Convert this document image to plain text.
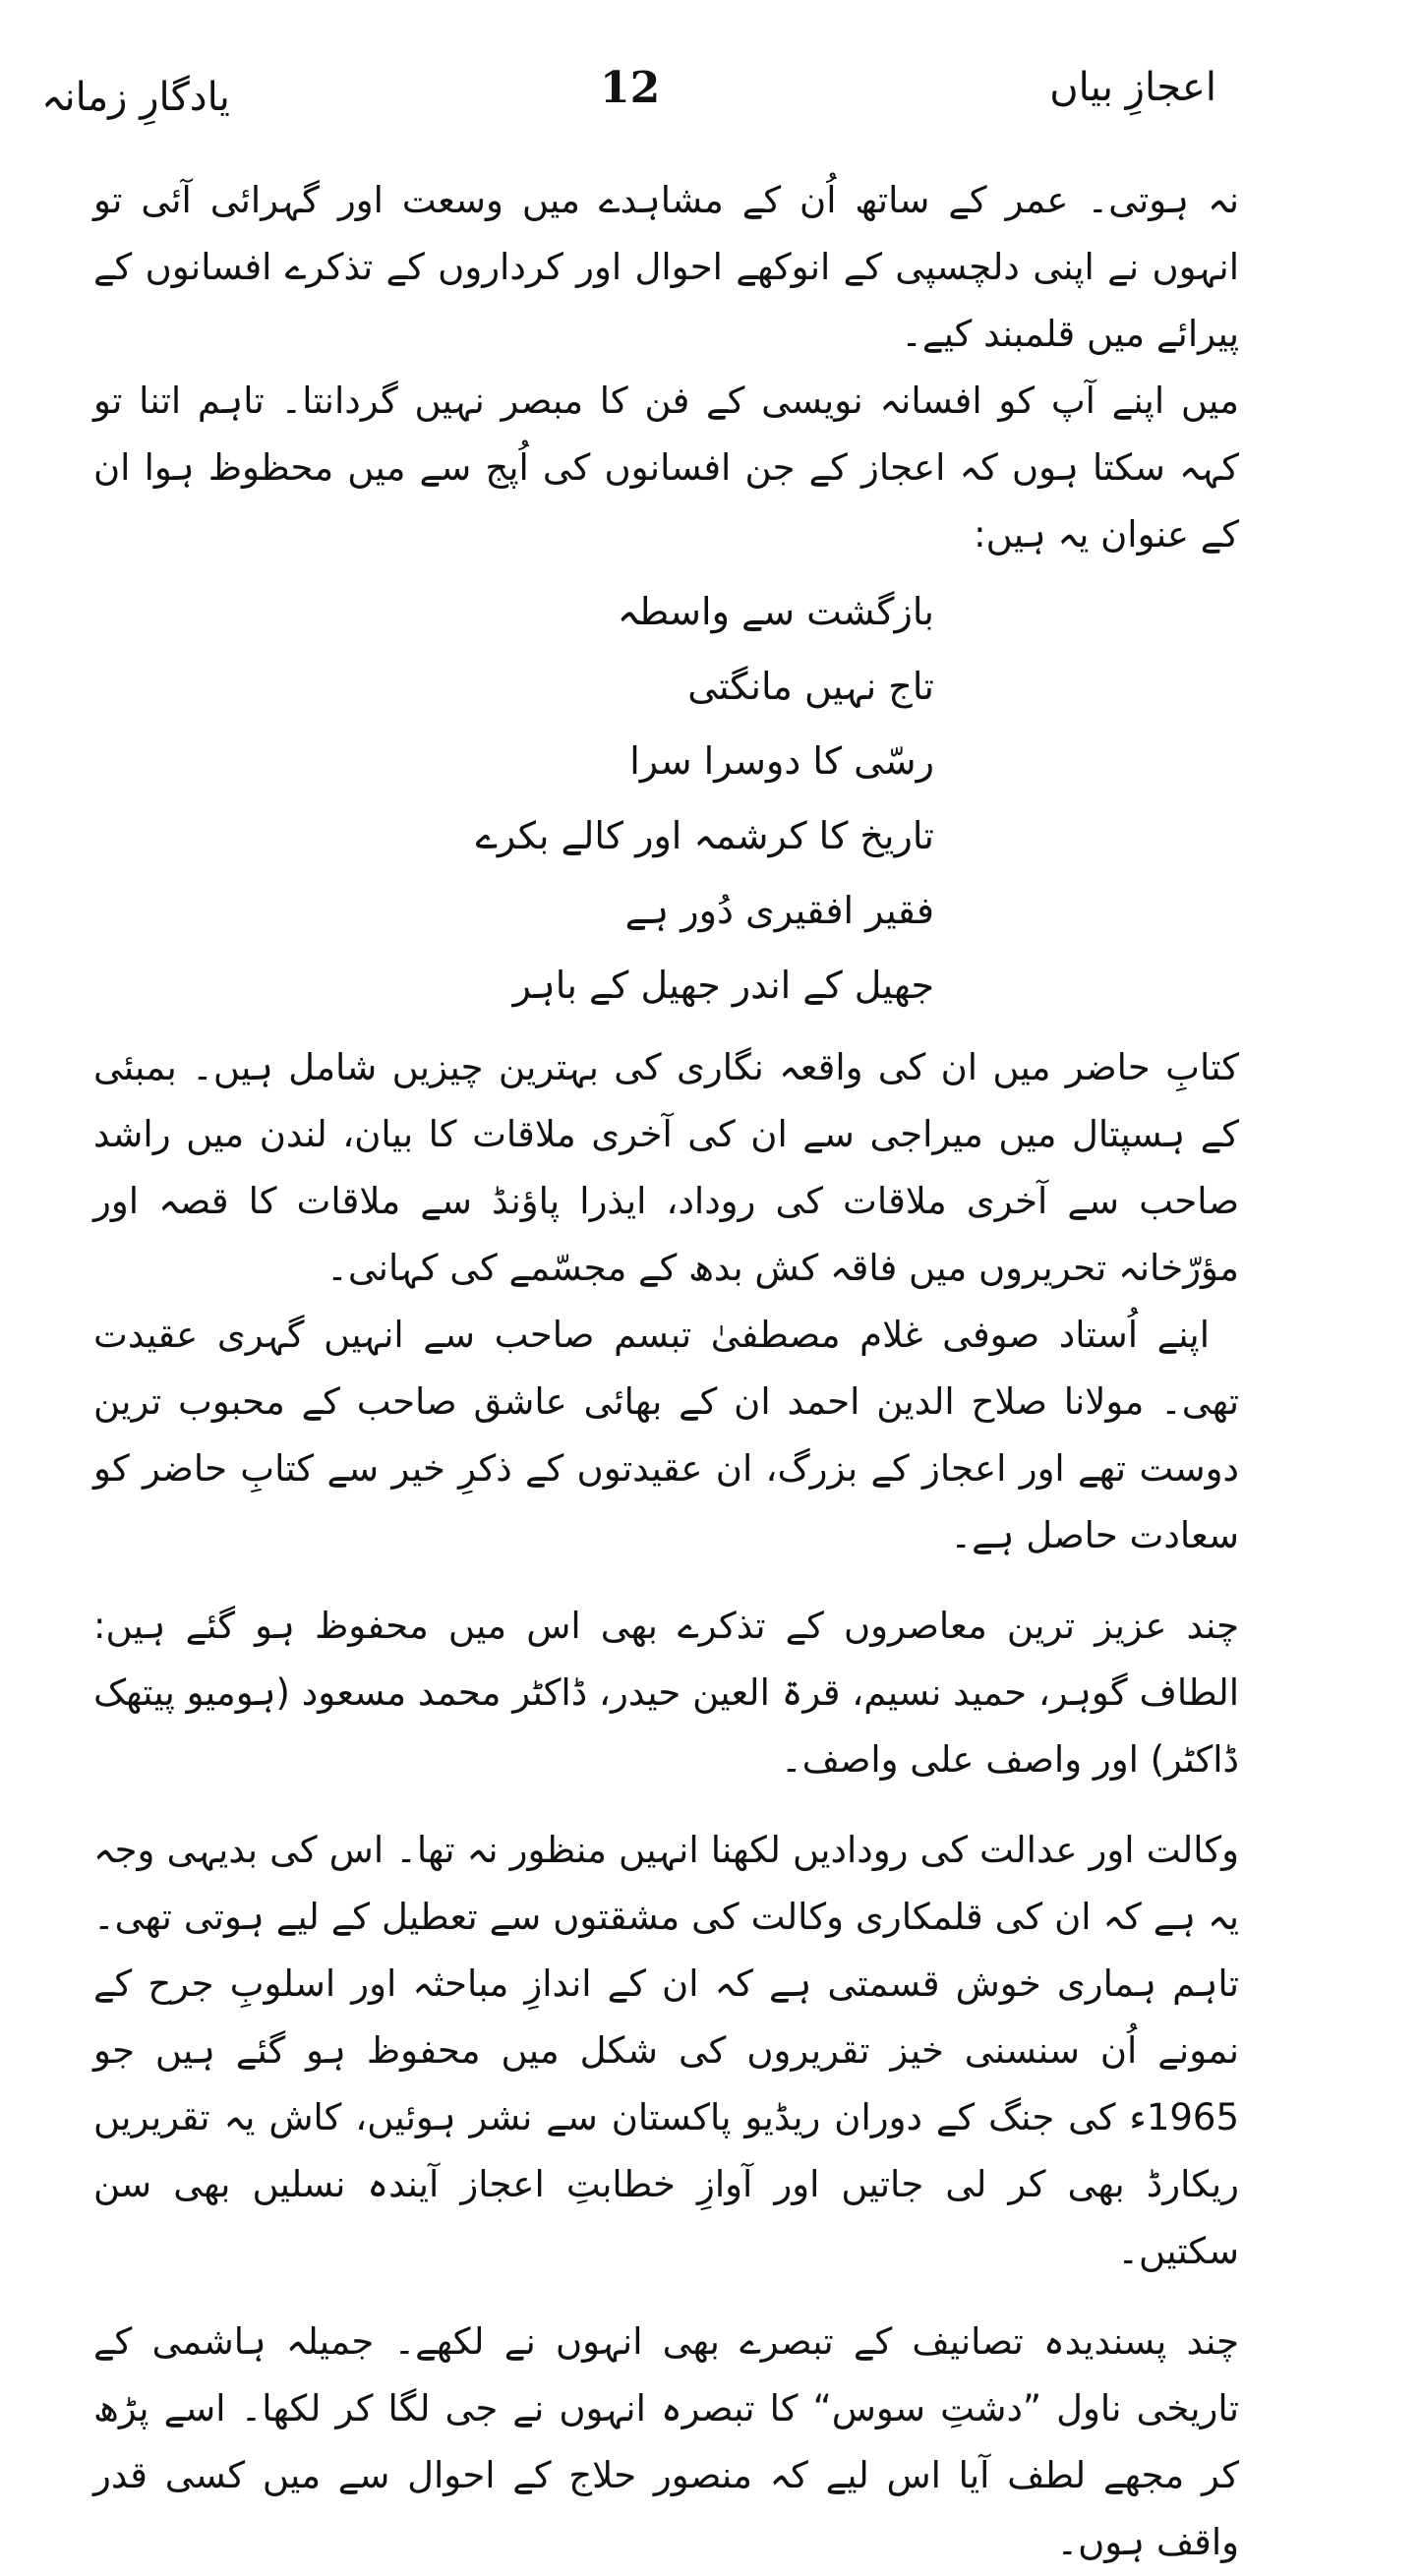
اعجازِ بیاں
12
یادگارِ زمانہ

نہ ہوتی۔ عمر کے ساتھ اُن کے مشاہدے میں وسعت اور گہرائی آئی تو انہوں نے اپنی دلچسپی کے انوکھے احوال اور کرداروں کے تذکرے افسانوں کے پیرائے میں قلمبند کیے۔

میں اپنے آپ کو افسانہ نویسی کے فن کا مبصر نہیں گردانتا۔ تاہم اتنا تو کہہ سکتا ہوں کہ اعجاز کے جن افسانوں کی اُپج سے میں محظوظ ہوا ان کے عنوان یہ ہیں:

بازگشت سے واسطہ
تاج نہیں مانگتی
رسّی کا دوسرا سرا
تاریخ کا کرشمہ اور کالے بکرے
فقیر افقیری دُور ہے
جھیل کے اندر جھیل کے باہر

کتابِ حاضر میں ان کی واقعہ نگاری کی بہترین چیزیں شامل ہیں۔ بمبئی کے ہسپتال میں میراجی سے ان کی آخری ملاقات کا بیان، لندن میں راشد صاحب سے آخری ملاقات کی روداد، ایذرا پاؤنڈ سے ملاقات کا قصہ اور مؤرّخانہ تحریروں میں فاقہ کش بدھ کے مجسّمے کی کہانی۔

اپنے اُستاد صوفی غلام مصطفیٰ تبسم صاحب سے انہیں گہری عقیدت تھی۔ مولانا صلاح الدین احمد ان کے بھائی عاشق صاحب کے محبوب ترین دوست تھے اور اعجاز کے بزرگ، ان عقیدتوں کے ذکرِ خیر سے کتابِ حاضر کو سعادت حاصل ہے۔

چند عزیز ترین معاصروں کے تذکرے بھی اس میں محفوظ ہو گئے ہیں: الطاف گوہر، حمید نسیم، قرۃ العین حیدر، ڈاکٹر محمد مسعود (ہومیو پیتھک ڈاکٹر) اور واصف علی واصف۔

وکالت اور عدالت کی رودادیں لکھنا انہیں منظور نہ تھا۔ اس کی بدیہی وجہ یہ ہے کہ ان کی قلمکاری وکالت کی مشقتوں سے تعطیل کے لیے ہوتی تھی۔ تاہم ہماری خوش قسمتی ہے کہ ان کے اندازِ مباحثہ اور اسلوبِ جرح کے نمونے اُن سنسنی خیز تقریروں کی شکل میں محفوظ ہو گئے ہیں جو 1965ء کی جنگ کے دوران ریڈیو پاکستان سے نشر ہوئیں، کاش یہ تقریریں ریکارڈ بھی کر لی جاتیں اور آوازِ خطابتِ اعجاز آیندہ نسلیں بھی سن سکتیں۔

چند پسندیدہ تصانیف کے تبصرے بھی انہوں نے لکھے۔ جمیلہ ہاشمی کے تاریخی ناول ”دشتِ سوس“ کا تبصرہ انہوں نے جی لگا کر لکھا۔ اسے پڑھ کر مجھے لطف آیا اس لیے کہ منصور حلاج کے احوال سے میں کسی قدر واقف ہوں۔
